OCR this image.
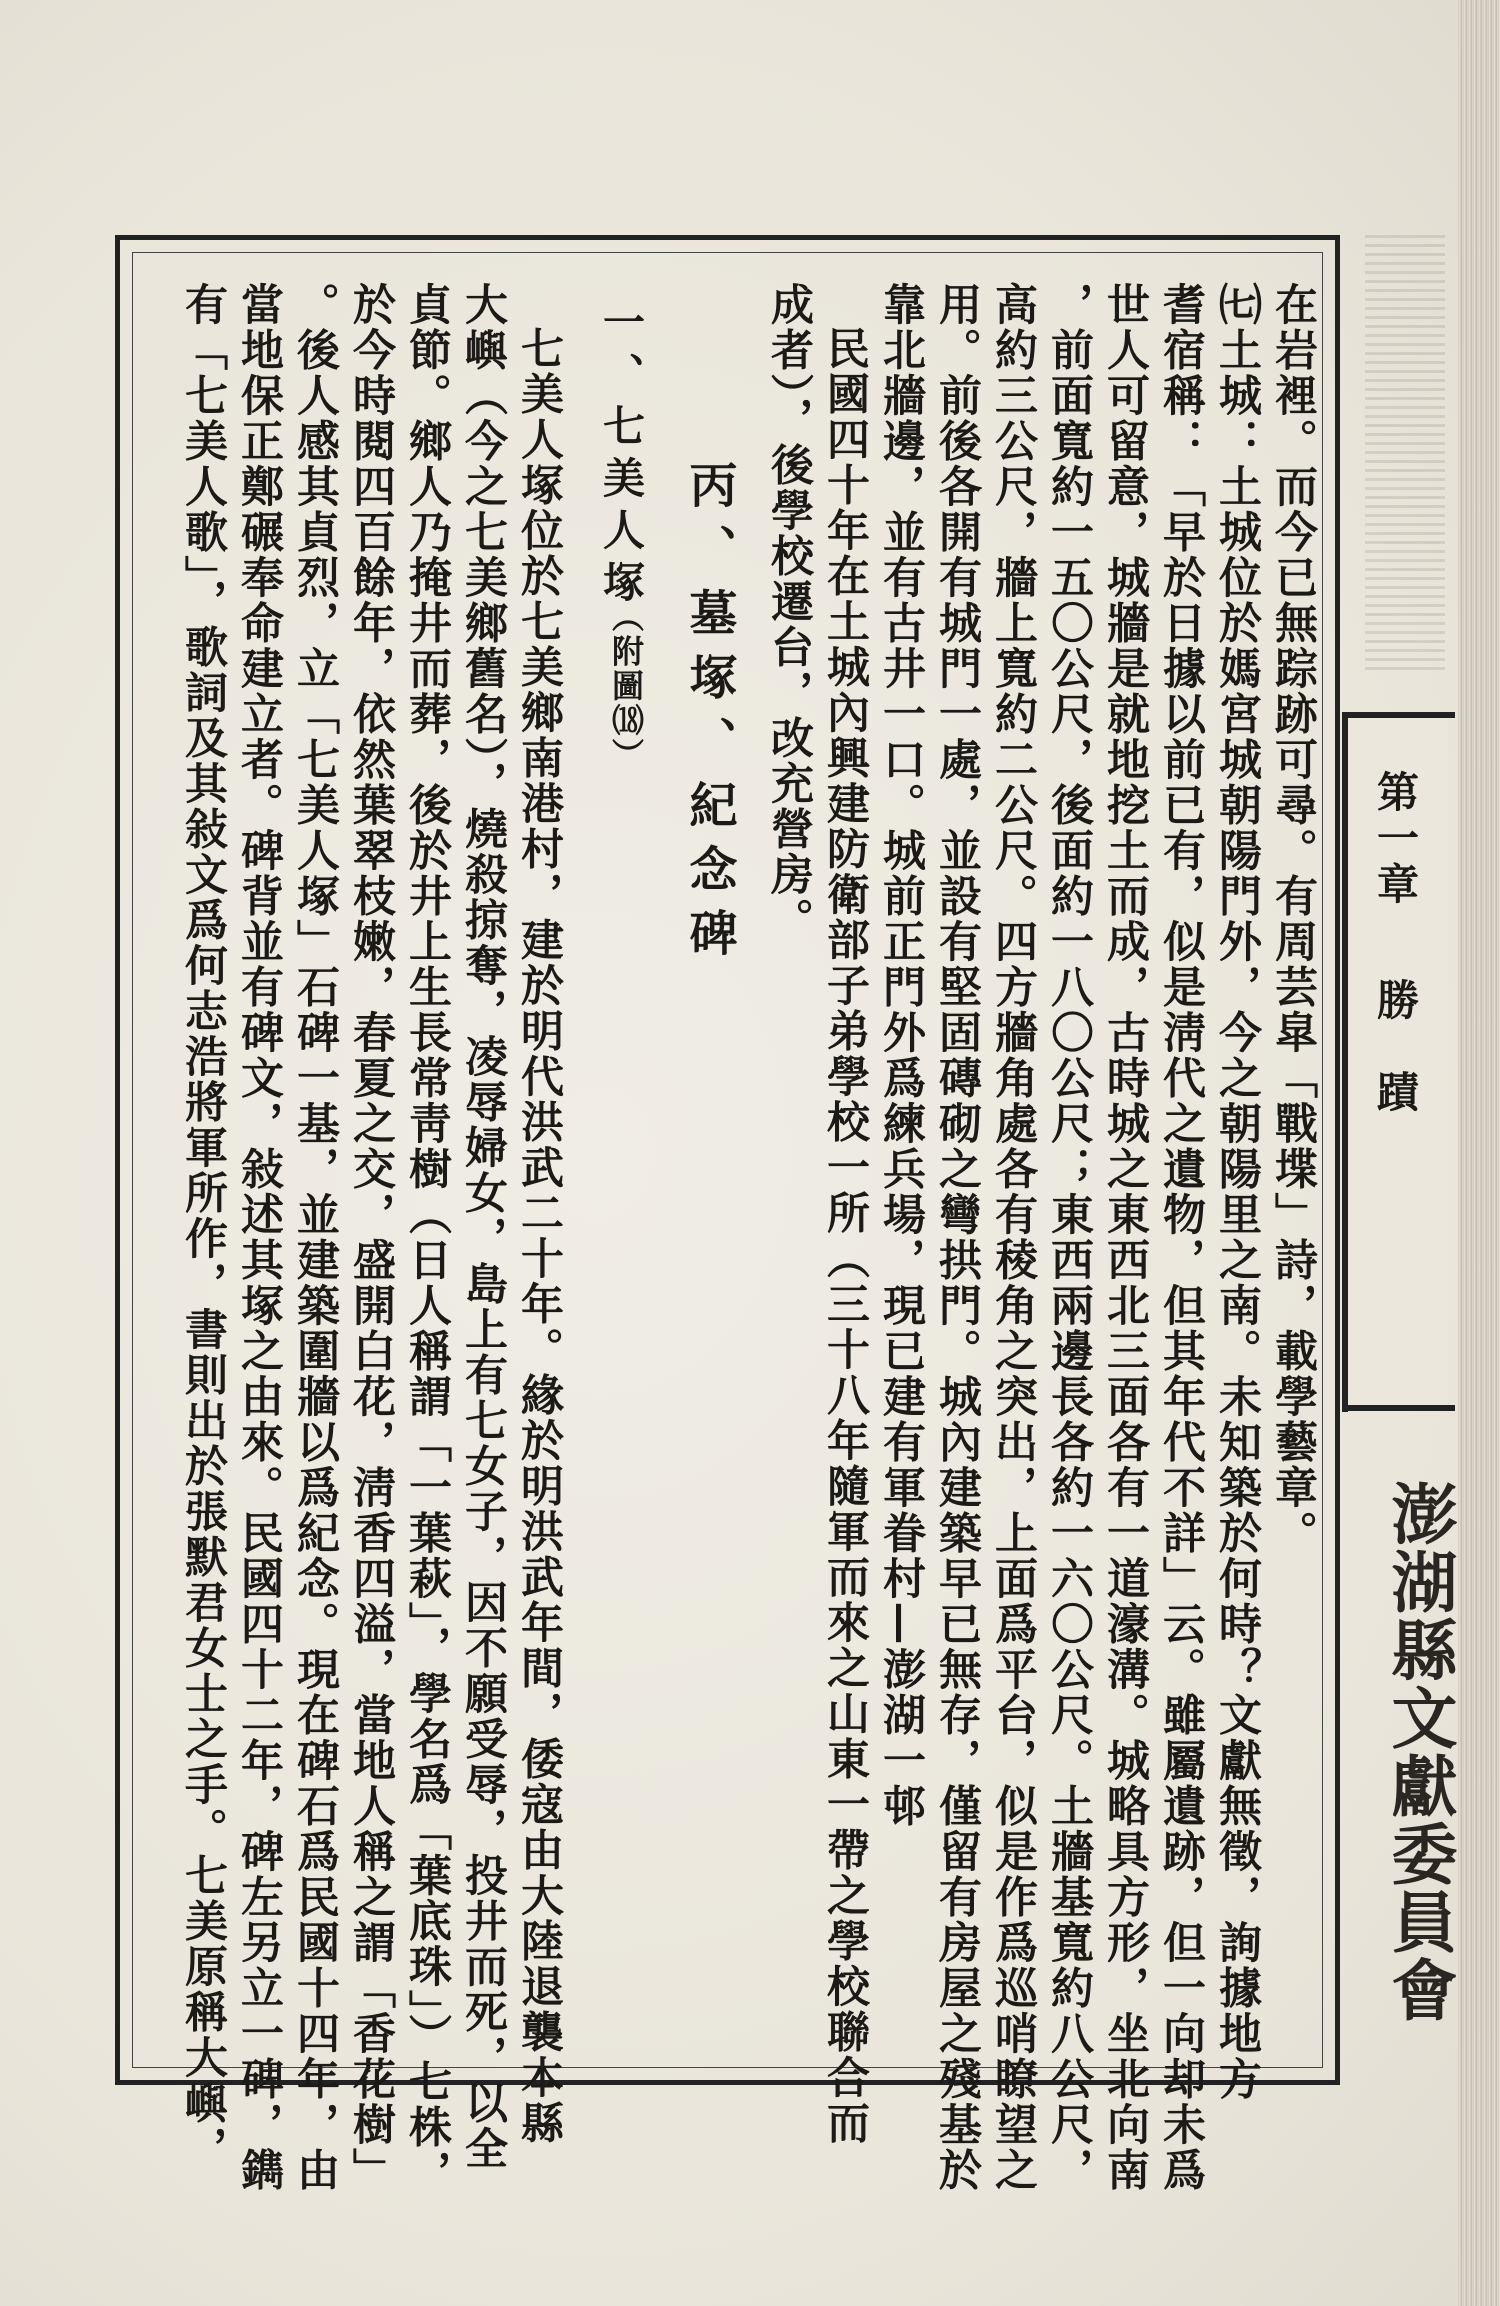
在岩裡。而今已無踪跡可尋。有周芸皐「戰堞」詩，載學藝章。
㈦土城：土城位於媽宮城朝陽門外，今之朝陽里之南。未知築於何時？文獻無徵，詢據地方
耆宿稱：「早於日據以前已有，似是淸代之遺物，但其年代不詳」云。雖屬遺跡，但一向却未爲
世人可留意，城牆是就地挖土而成，古時城之東西北三面各有一道濠溝。城略具方形，坐北向南
，前面寬約一五〇公尺，後面約一八〇公尺；東西兩邊長各約一六〇公尺。土牆基寬約八公尺，
高約三公尺，牆上寬約二公尺。四方牆角處各有稜角之突出，上面爲平台，似是作爲巡哨瞭望之
用。前後各開有城門一處，並設有堅固磚砌之彎拱門。城內建築早已無存，僅留有房屋之殘基於
靠北牆邊，並有古井一口。城前正門外爲練兵場，現已建有軍眷村—澎湖一邨
民國四十年在土城內興建防衛部子弟學校一所（三十八年隨軍而來之山東一帶之學校聯合而
成者），後學校遷台，改充營房。
丙、墓塚、紀念碑
一、七美人塚
（附圖⒅）
七美人塚位於七美鄉南港村，建於明代洪武二十年。緣於明洪武年間，倭寇由大陸退襲本縣
大嶼（今之七美鄉舊名），燒殺掠奪，凌辱婦女，島上有七女子，因不願受辱，投井而死，以全
貞節。鄉人乃掩井而葬，後於井上生長常靑樹（日人稱謂「一葉萩」，學名爲「葉底珠」）七株，
於今時閱四百餘年，依然葉翠枝嫩，春夏之交，盛開白花，淸香四溢，當地人稱之謂「香花樹」
。後人感其貞烈，立「七美人塚」石碑一基，並建築圍牆以爲紀念。現在碑石爲民國十四年，由
當地保正鄭碾奉命建立者。碑背並有碑文，敍述其塚之由來。民國四十二年，碑左另立一碑，鐫
有「七美人歌」，歌詞及其敍文爲何志浩將軍所作，書則出於張默君女士之手。七美原稱大嶼，	第一章勝　蹟
澎湖縣文獻委員會
